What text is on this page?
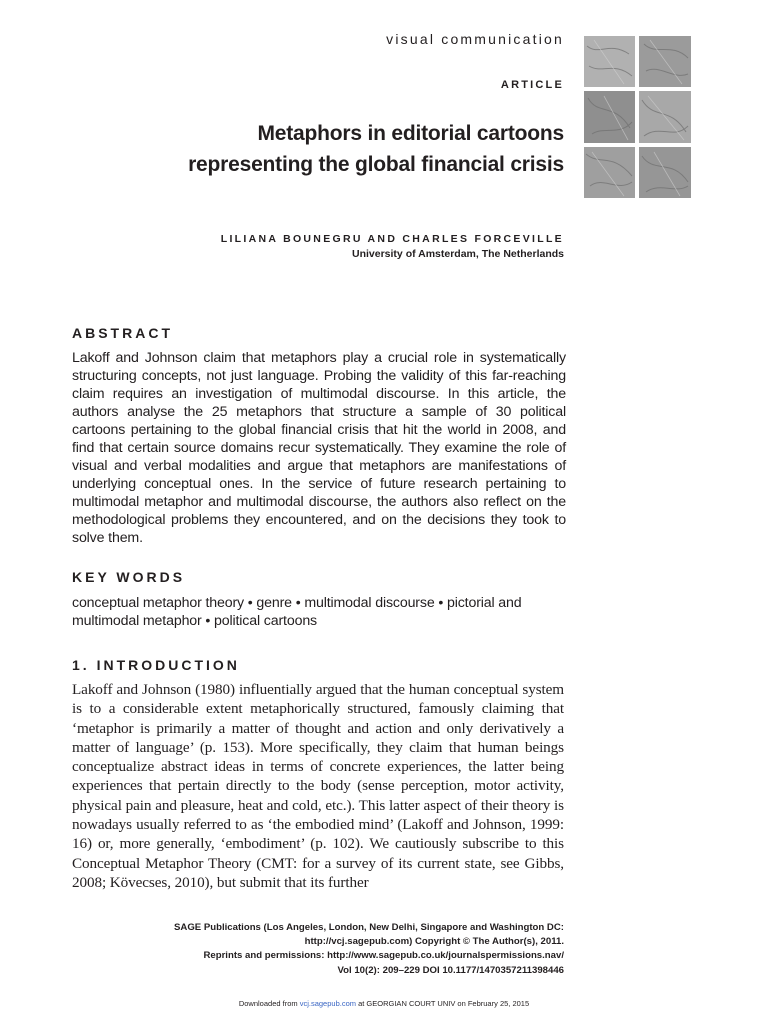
visual communication
ARTICLE
Metaphors in editorial cartoons
representing the global financial crisis
LILIANA BOUNEGRU AND CHARLES FORCEVILLE
University of Amsterdam, The Netherlands
ABSTRACT
Lakoff and Johnson claim that metaphors play a crucial role in systematically structuring concepts, not just language. Probing the validity of this far-reaching claim requires an investigation of multimodal discourse. In this article, the authors analyse the 25 metaphors that structure a sample of 30 political cartoons pertaining to the global financial crisis that hit the world in 2008, and find that certain source domains recur systematically. They examine the role of visual and verbal modalities and argue that metaphors are manifestations of underlying conceptual ones. In the service of future research pertaining to multimodal metaphor and multimodal discourse, the authors also reflect on the methodological problems they encountered, and on the decisions they took to solve them.
KEY WORDS
conceptual metaphor theory • genre • multimodal discourse • pictorial and multimodal metaphor • political cartoons
1. INTRODUCTION
Lakoff and Johnson (1980) influentially argued that the human conceptual system is to a considerable extent metaphorically structured, famously claiming that ‘metaphor is primarily a matter of thought and action and only derivatively a matter of language’ (p. 153). More specifically, they claim that human beings conceptualize abstract ideas in terms of concrete experiences, the latter being experiences that pertain directly to the body (sense perception, motor activity, physical pain and pleasure, heat and cold, etc.). This latter aspect of their theory is nowadays usually referred to as ‘the embodied mind’ (Lakoff and Johnson, 1999: 16) or, more generally, ‘embodiment’ (p. 102). We cautiously subscribe to this Conceptual Metaphor Theory (CMT: for a survey of its current state, see Gibbs, 2008; Kövecses, 2010), but submit that its further
SAGE Publications (Los Angeles, London, New Delhi, Singapore and Washington DC:
http://vcj.sagepub.com) Copyright © The Author(s), 2011.
Reprints and permissions: http://www.sagepub.co.uk/journalspermissions.nav/
Vol 10(2): 209–229 DOI 10.1177/1470357211398446
Downloaded from vcj.sagepub.com at GEORGIAN COURT UNIV on February 25, 2015
